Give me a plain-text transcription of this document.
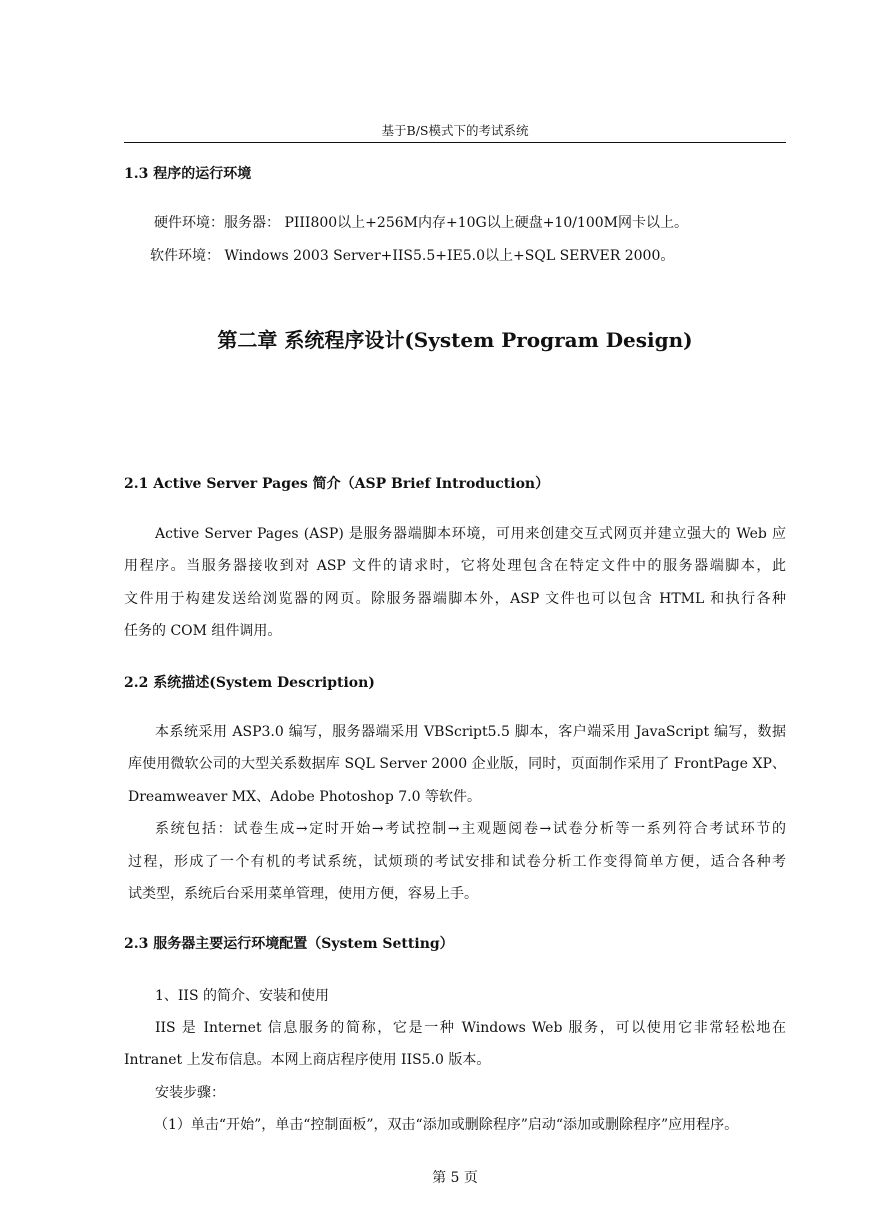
基于B/S模式下的考试系统
1.3 程序的运行环境
硬件环境：服务器： PIII800以上+256M内存+10G以上硬盘+10/100M网卡以上。
软件环境： Windows 2003 Server+IIS5.5+IE5.0以上+SQL SERVER 2000。
第二章 系统程序设计(System Program Design)
2.1 Active Server Pages 简介（ASP Brief Introduction）
Active Server Pages (ASP) 是服务器端脚本环境，可用来创建交互式网页并建立强大的 Web 应
用程序。当服务器接收到对 ASP 文件的请求时，它将处理包含在特定文件中的服务器端脚本，此
文件用于构建发送给浏览器的网页。除服务器端脚本外，ASP 文件也可以包含 HTML 和执行各种
任务的 COM 组件调用。
2.2 系统描述(System Description)
本系统采用 ASP3.0 编写，服务器端采用 VBScript5.5 脚本，客户端采用 JavaScript 编写，数据
库使用微软公司的大型关系数据库 SQL Server 2000 企业版，同时，页面制作采用了 FrontPage XP、
Dreamweaver MX、Adobe Photoshop 7.0 等软件。
系统包括：试卷生成→定时开始→考试控制→主观题阅卷→试卷分析等一系列符合考试环节的
过程，形成了一个有机的考试系统，试烦琐的考试安排和试卷分析工作变得简单方便，适合各种考
试类型，系统后台采用菜单管理，使用方便，容易上手。
2.3 服务器主要运行环境配置（System Setting）
1、IIS 的简介、安装和使用
IIS 是 Internet 信息服务的简称，它是一种 Windows Web 服务，可以使用它非常轻松地在
Intranet 上发布信息。本网上商店程序使用 IIS5.0 版本。
安装步骤：
（1）单击“开始”，单击“控制面板”，双击“添加或删除程序”启动“添加或删除程序”应用程序。
第 5 页
